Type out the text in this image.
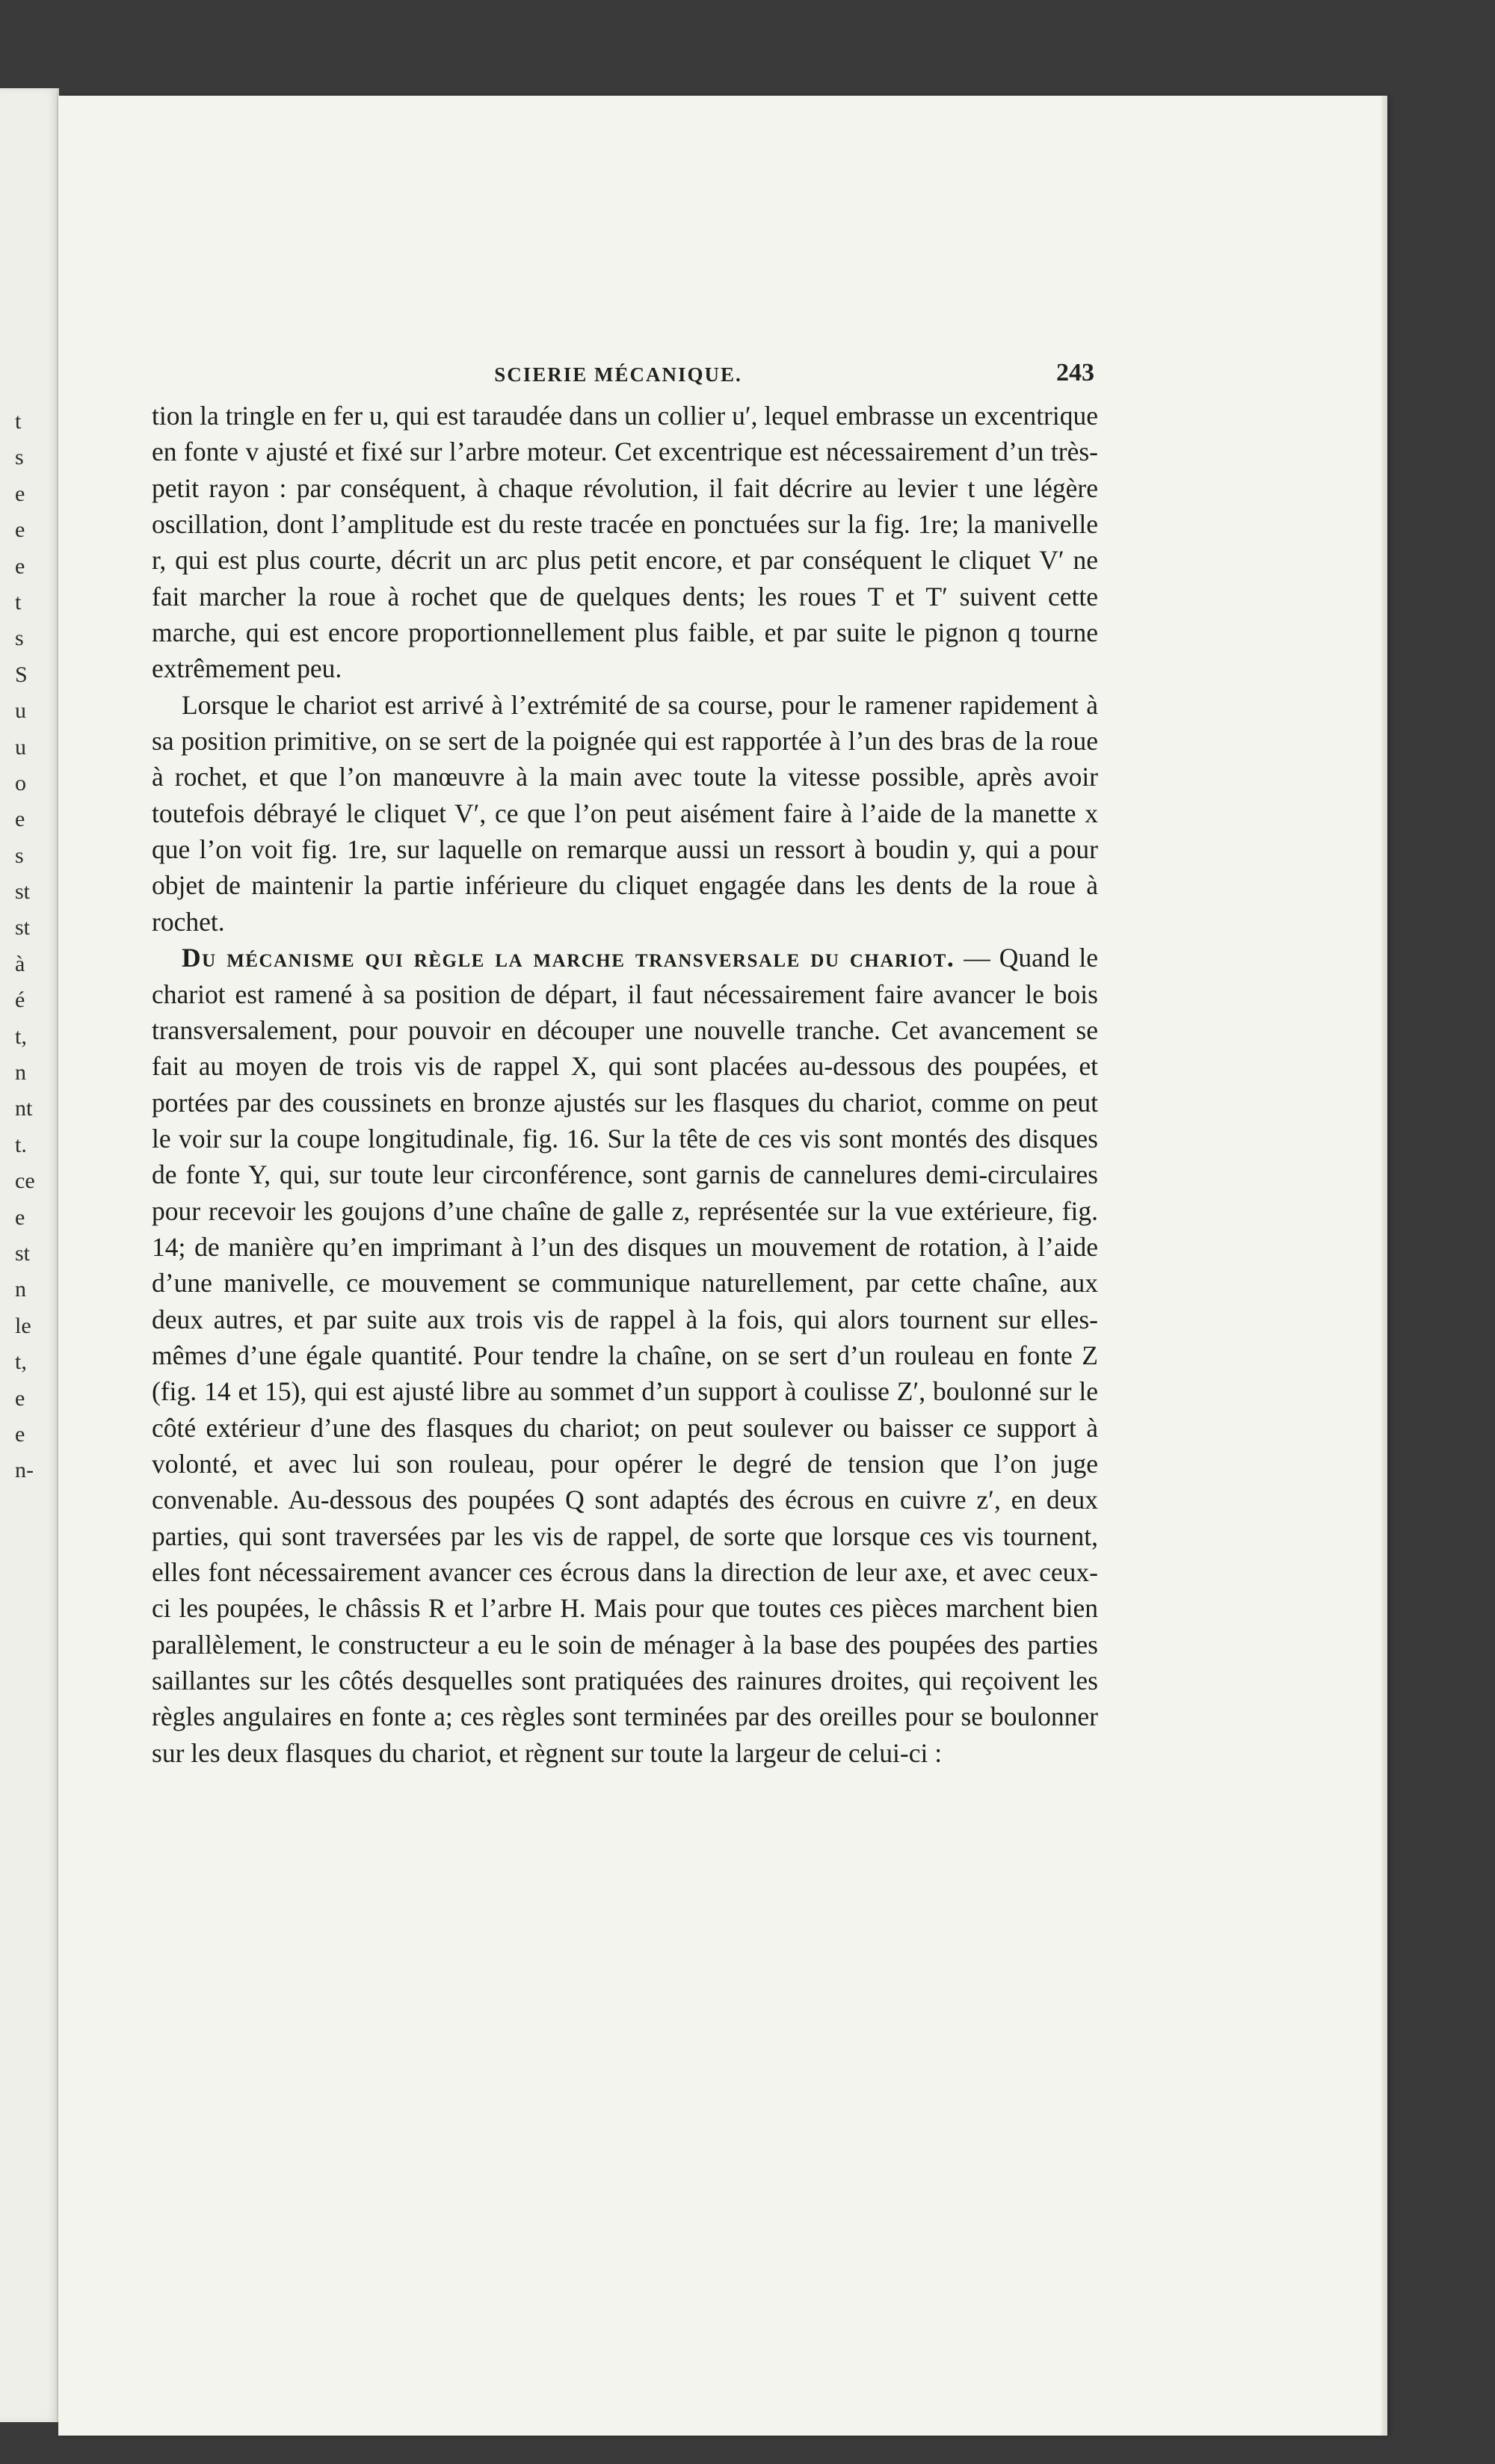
t
s
e
e
e
t
s
S
u
u
o
e
s
st
st
à
é
t,
n
nt
t.
ce
e
st
n
le
t,
e
e
n-
SCIERIE MÉCANIQUE.	243

tion la tringle en fer u, qui est taraudée dans un collier u′, lequel embrasse un excentrique en fonte v ajusté et fixé sur l’arbre moteur. Cet excentrique est nécessairement d’un très-petit rayon : par conséquent, à chaque révolution, il fait décrire au levier t une légère oscillation, dont l’amplitude est du reste tracée en ponctuées sur la fig. 1re; la manivelle r, qui est plus courte, décrit un arc plus petit encore, et par conséquent le cliquet V′ ne fait marcher la roue à rochet que de quelques dents; les roues T et T′ suivent cette marche, qui est encore proportionnellement plus faible, et par suite le pignon q tourne extrêmement peu.

Lorsque le chariot est arrivé à l’extrémité de sa course, pour le ramener rapidement à sa position primitive, on se sert de la poignée qui est rapportée à l’un des bras de la roue à rochet, et que l’on manœuvre à la main avec toute la vitesse possible, après avoir toutefois débrayé le cliquet V′, ce que l’on peut aisément faire à l’aide de la manette x que l’on voit fig. 1re, sur laquelle on remarque aussi un ressort à boudin y, qui a pour objet de maintenir la partie inférieure du cliquet engagée dans les dents de la roue à rochet.

Du mécanisme qui règle la marche transversale du chariot. — Quand le chariot est ramené à sa position de départ, il faut nécessairement faire avancer le bois transversalement, pour pouvoir en découper une nouvelle tranche. Cet avancement se fait au moyen de trois vis de rappel X, qui sont placées au-dessous des poupées, et portées par des coussinets en bronze ajustés sur les flasques du chariot, comme on peut le voir sur la coupe longitudinale, fig. 16. Sur la tête de ces vis sont montés des disques de fonte Y, qui, sur toute leur circonférence, sont garnis de cannelures demi-circulaires pour recevoir les goujons d’une chaîne de galle z, représentée sur la vue extérieure, fig. 14; de manière qu’en imprimant à l’un des disques un mouvement de rotation, à l’aide d’une manivelle, ce mouvement se communique naturellement, par cette chaîne, aux deux autres, et par suite aux trois vis de rappel à la fois, qui alors tournent sur elles-mêmes d’une égale quantité. Pour tendre la chaîne, on se sert d’un rouleau en fonte Z (fig. 14 et 15), qui est ajusté libre au sommet d’un support à coulisse Z′, boulonné sur le côté extérieur d’une des flasques du chariot; on peut soulever ou baisser ce support à volonté, et avec lui son rouleau, pour opérer le degré de tension que l’on juge convenable. Au-dessous des poupées Q sont adaptés des écrous en cuivre z′, en deux parties, qui sont traversées par les vis de rappel, de sorte que lorsque ces vis tournent, elles font nécessairement avancer ces écrous dans la direction de leur axe, et avec ceux-ci les poupées, le châssis R et l’arbre H. Mais pour que toutes ces pièces marchent bien parallèlement, le constructeur a eu le soin de ménager à la base des poupées des parties saillantes sur les côtés desquelles sont pratiquées des rainures droites, qui reçoivent les règles angulaires en fonte a; ces règles sont terminées par des oreilles pour se boulonner sur les deux flasques du chariot, et règnent sur toute la largeur de celui-ci :
